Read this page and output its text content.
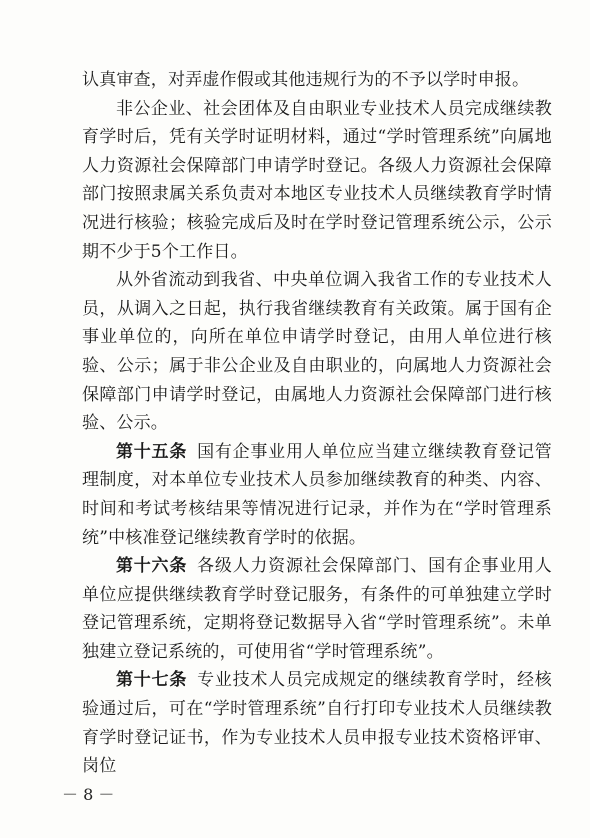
认真审查，对弄虚作假或其他违规行为的不予以学时申报。

非公企业、社会团体及自由职业专业技术人员完成继续教育学时后，凭有关学时证明材料，通过“学时管理系统”向属地人力资源社会保障部门申请学时登记。各级人力资源社会保障部门按照隶属关系负责对本地区专业技术人员继续教育学时情况进行核验；核验完成后及时在学时登记管理系统公示，公示期不少于5个工作日。

从外省流动到我省、中央单位调入我省工作的专业技术人员，从调入之日起，执行我省继续教育有关政策。属于国有企事业单位的，向所在单位申请学时登记，由用人单位进行核验、公示；属于非公企业及自由职业的，向属地人力资源社会保障部门申请学时登记，由属地人力资源社会保障部门进行核验、公示。

第十五条 国有企事业用人单位应当建立继续教育登记管理制度，对本单位专业技术人员参加继续教育的种类、内容、时间和考试考核结果等情况进行记录，并作为在“学时管理系统”中核准登记继续教育学时的依据。

第十六条 各级人力资源社会保障部门、国有企事业用人单位应提供继续教育学时登记服务，有条件的可单独建立学时登记管理系统，定期将登记数据导入省“学时管理系统”。未单独建立登记系统的，可使用省“学时管理系统”。

第十七条 专业技术人员完成规定的继续教育学时，经核验通过后，可在“学时管理系统”自行打印专业技术人员继续教育学时登记证书，作为专业技术人员申报专业技术资格评审、岗位

－ 8 －
